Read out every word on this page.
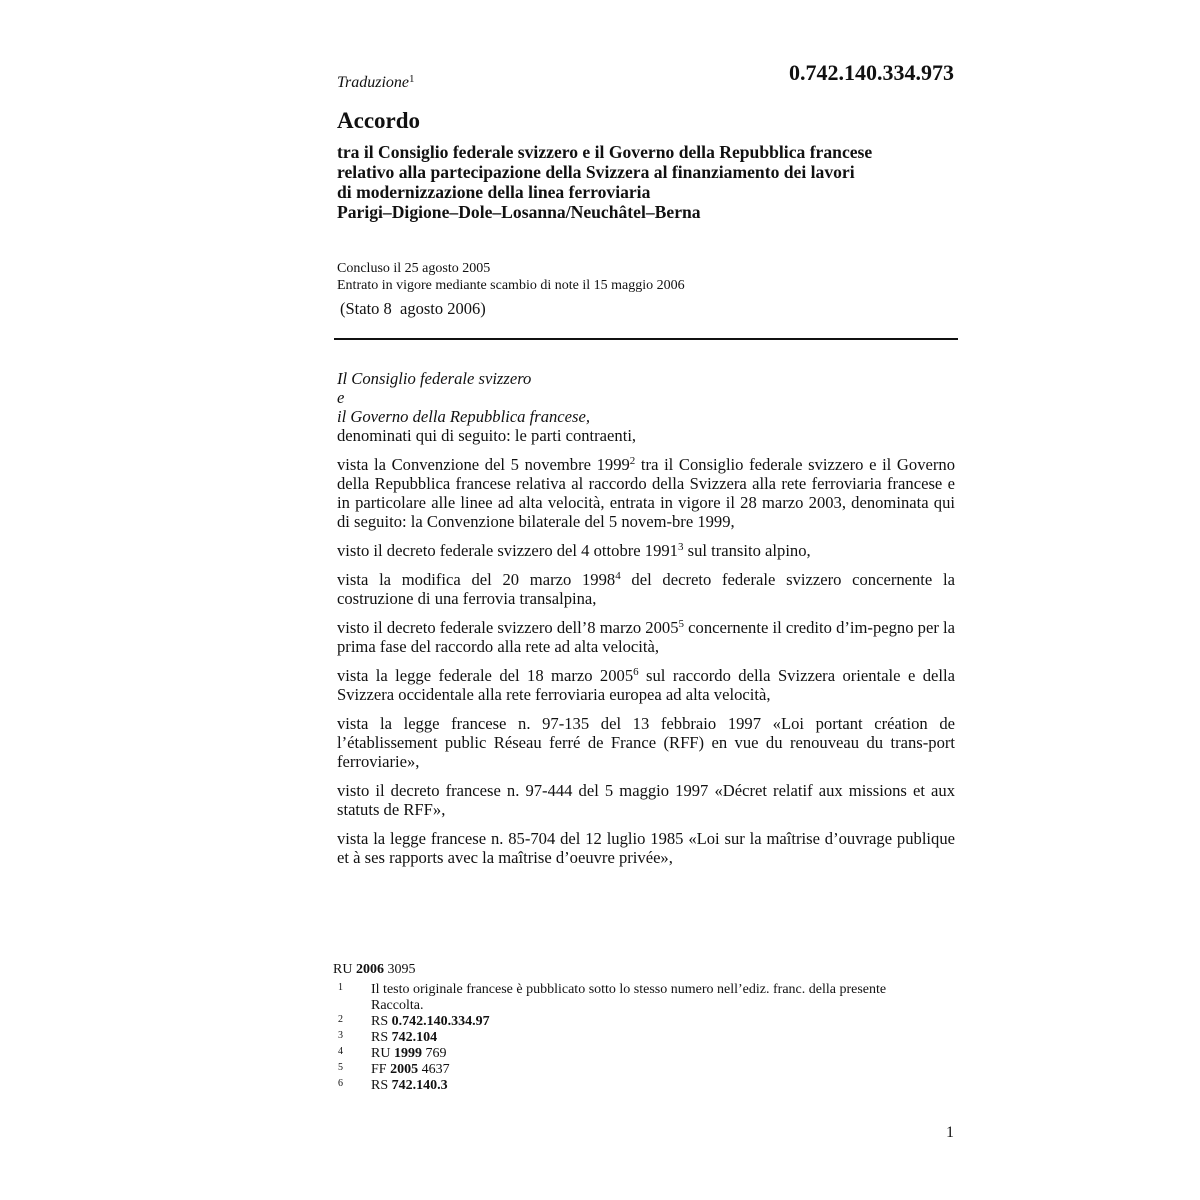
Traduzione$^1$	0.742.140.334.973
Accordo
tra il Consiglio federale svizzero e il Governo della Repubblica francese
relativo alla partecipazione della Svizzera al finanziamento dei lavori
di modernizzazione della linea ferroviaria
Parigi–Digione–Dole–Losanna/Neuchâtel–Berna
Concluso il 25 agosto 2005
Entrato in vigore mediante scambio di note il 15 maggio 2006
(Stato 8  agosto 2006)
Il Consiglio federale svizzero
e
il Governo della Repubblica francese,
denominati qui di seguito: le parti contraenti,
vista la Convenzione del 5 novembre 1999$^2$ tra il Consiglio federale svizzero e il Governo della Repubblica francese relativa al raccordo della Svizzera alla rete ferroviaria francese e in particolare alle linee ad alta velocità, entrata in vigore il 28 marzo 2003, denominata qui di seguito: la Convenzione bilaterale del 5 novem-bre 1999,
visto il decreto federale svizzero del 4 ottobre 1991$^3$ sul transito alpino,
vista la modifica del 20 marzo 1998$^4$ del decreto federale svizzero concernente la costruzione di una ferrovia transalpina,
visto il decreto federale svizzero dell’8 marzo 2005$^5$ concernente il credito d’im-pegno per la prima fase del raccordo alla rete ad alta velocità,
vista la legge federale del 18 marzo 2005$^6$ sul raccordo della Svizzera orientale e della Svizzera occidentale alla rete ferroviaria europea ad alta velocità,
vista la legge francese n. 97-135 del 13 febbraio 1997 «Loi portant création de l’établissement public Réseau ferré de France (RFF) en vue du renouveau du trans-port ferroviarie»,
visto il decreto francese n. 97-444 del 5 maggio 1997 «Décret relatif aux missions et aux statuts de RFF»,
vista la legge francese n. 85-704 del 12 luglio 1985 «Loi sur la maîtrise d’ouvrage publique et à ses rapports avec la maîtrise d’oeuvre privée»,
RU 2006 3095
1	Il testo originale francese è pubblicato sotto lo stesso numero nell’ediz. franc. della presente Raccolta.
2	RS 0.742.140.334.97
3	RS 742.104
4	RU 1999 769
5	FF 2005 4637
6	RS 742.140.3
1
